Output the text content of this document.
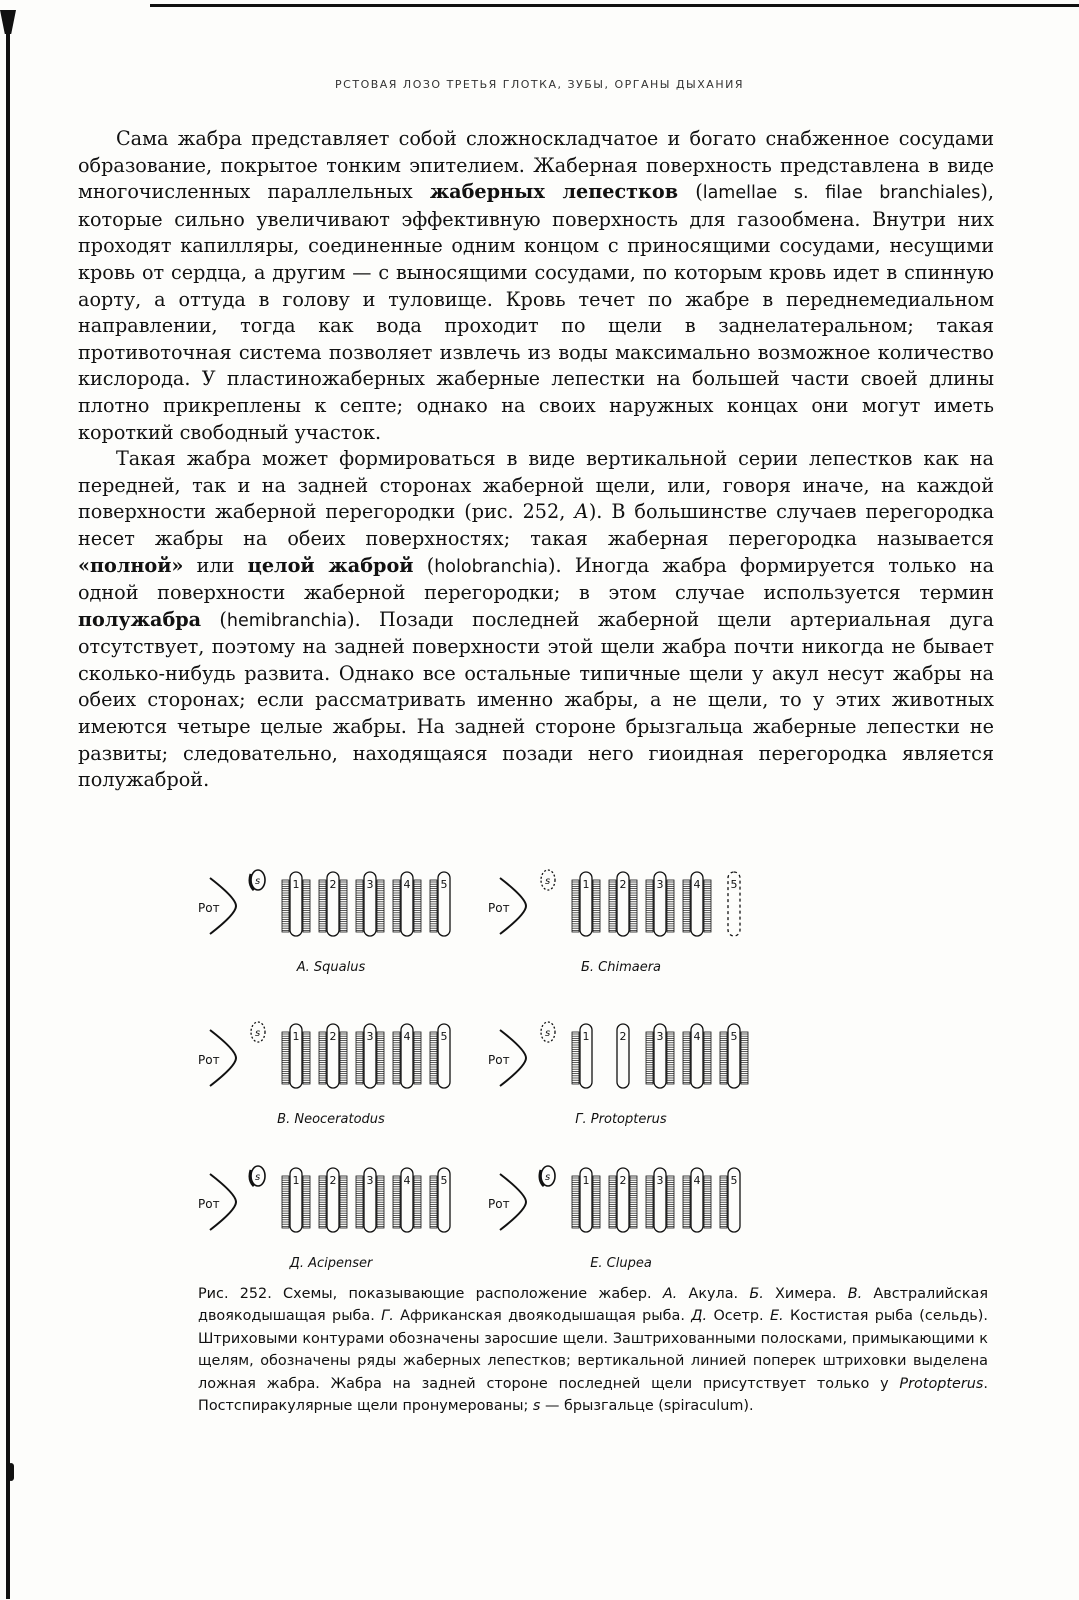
РСТОВАЯ ЛОЗО ТРЕТЬЯ ГЛОТКА, ЗУБЫ, ОРГАНЫ ДЫХАНИЯ

Сама жабра представляет собой сложноскладчатое и богато снабженное сосудами образование, покрытое тонким эпителием. Жаберная поверхность представлена в виде многочисленных параллельных жаберных лепестков (lamellae s. filae branchiales), которые сильно увеличивают эффективную поверхность для газообмена. Внутри них проходят капилляры, соединенные одним концом с приносящими сосудами, несущими кровь от сердца, а другим — с выносящими сосудами, по которым кровь идет в спинную аорту, а оттуда в голову и туловище. Кровь течет по жабре в переднемедиальном направлении, тогда как вода проходит по щели в заднелатеральном; такая противоточная система позволяет извлечь из воды максимально возможное количество кислорода. У пластиножаберных жаберные лепестки на большей части своей длины плотно прикреплены к септе; однако на своих наружных концах они могут иметь короткий свободный участок.

Такая жабра может формироваться в виде вертикальной серии лепестков как на передней, так и на задней сторонах жаберной щели, или, говоря иначе, на каждой поверхности жаберной перегородки (рис. 252, А). В большинстве случаев перегородка несет жабры на обеих поверхностях; такая жаберная перегородка называется «полной» или целой жаброй (holobranchia). Иногда жабра формируется только на одной поверхности жаберной перегородки; в этом случае используется термин полужабра (hemibranchia). Позади последней жаберной щели артериальная дуга отсутствует, поэтому на задней поверхности этой щели жабра почти никогда не бывает сколько-нибудь развита. Однако все остальные типичные щели у акул несут жабры на обеих сторонах; если рассматривать именно жабры, а не щели, то у этих животных имеются четыре целые жабры. На задней стороне брызгальца жаберные лепестки не развиты; следовательно, находящаяся позади него гиоидная перегородка является полужаброй.

Рот
s	1	2	3	4	5
А. Squalus
Рот
s	1	2	3	4	5
Б. Chimaera
Рот
s	1	2	3	4	5
В. Neoceratodus
Рот
s	1	2	3	4	5
Г. Protopterus
Рот
s	1	2	3	4	5
Д. Acipenser
Рот
s	1	2	3	4	5
Е. Clupea
Рис. 252. Схемы, показывающие расположение жабер. А. Акула. Б. Химера. В. Австралийская двоякодышащая рыба. Г. Африканская двоякодышащая рыба. Д. Осетр. Е. Костистая рыба (сельдь). Штриховыми контурами обозначены заросшие щели. Заштрихованными полосками, примыкающими к щелям, обозначены ряды жаберных лепестков; вертикальной линией поперек штриховки выделена ложная жабра. Жабра на задней стороне последней щели присутствует только у Protopterus. Постспиракулярные щели пронумерованы; s — брызгальце (spiraculum).
